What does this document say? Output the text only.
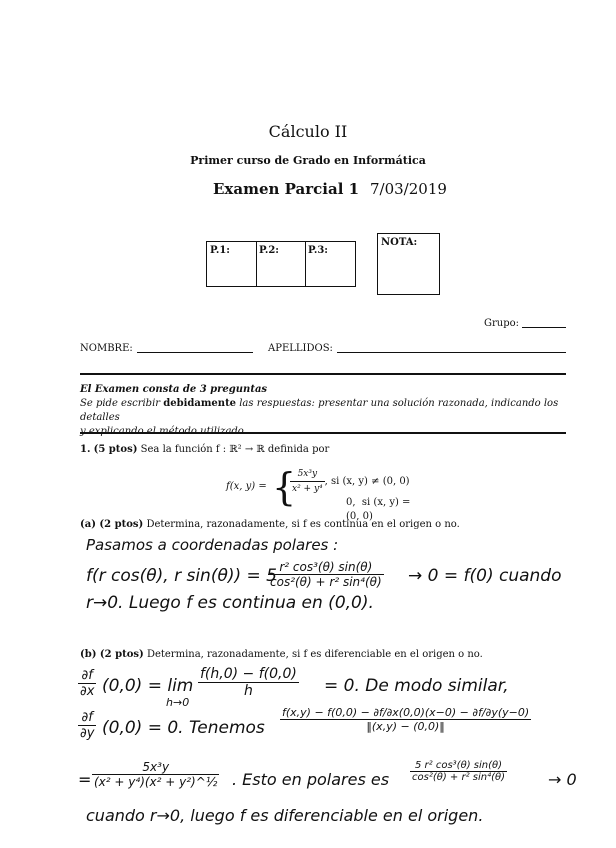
Cálculo II
Primer curso de Grado en Informática
Examen Parcial 1 7/03/2019
P.1:	P.2:	P.3:
NOTA:
Grupo:
NOMBRE:	APELLIDOS:
El Examen consta de 3 preguntas
Se pide escribir debidamente las respuestas: presentar una solución razonada, indicando los detalles
1. (5 ptos) Sea la función f : ℝ² → ℝ definida por
f(x, y) = {
$\frac{\text{5x³y}}{\text{x² + y⁴}}$ , si (x, y) ≠ (0, 0)
0, si (x, y) = (0, 0)
(a) (2 ptos) Determina, razonadamente, si f es continua en el origen o no.
Pasamos a coordenadas polares :
f(r cos(θ), r sin(θ)) = 5
$\frac{\text{r² cos³(θ) sin(θ)}}{\text{cos²(θ) + r² sin⁴(θ)}} \to 0 = f(0)$ cuando
r→0. Luego f es continua en (0,0).
(b) (2 ptos) Determina, razonadamente, si f es diferenciable en el origen o no.
$\frac{\partial f}{\partial x} (0,0) = \lim$
h→0
$\frac{f(h,0) - f(0,0)}{h} = 0$. De modo similar,
$\frac{\partial f}{\partial y} (0,0) = 0$. Tenemos $\frac{f(x,y) - f(0,0) - \partial f/\partial x(0,0)(x-0) - \partial f/\partial y(y-0)}{‖(x,y) - (0,0)‖}$
= $\frac{\text{5x³y}}{\text{(x² + y⁴)(x² + y²)\textasciicircum{}½}}$ . Esto en polares es $\frac{\text{5 r² cos³(θ) sin(θ)}}{\text{cos²(θ) + r² sin⁴(θ)}}$	→ 0
cuando r→0, luego f es diferenciable en el origen.
